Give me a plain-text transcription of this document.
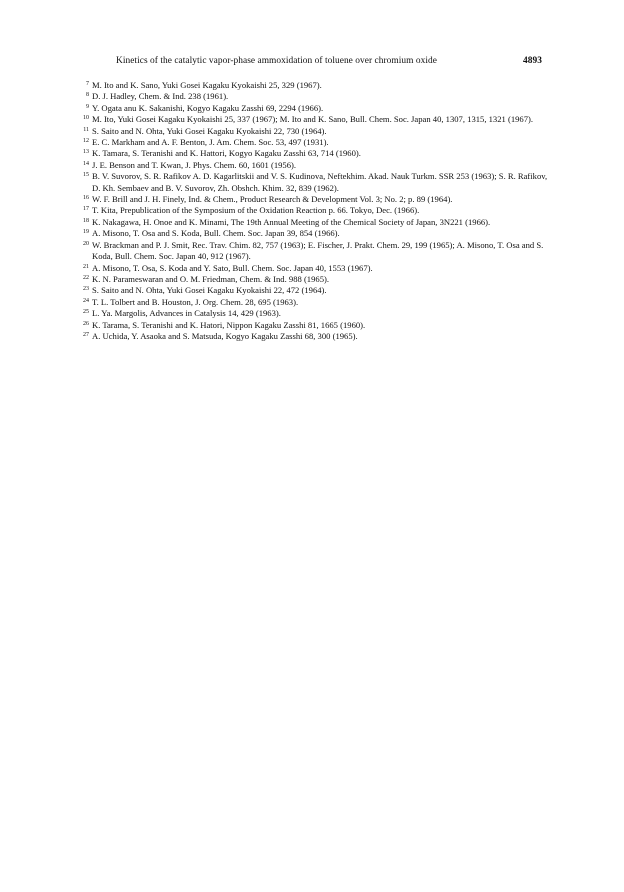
Kinetics of the catalytic vapor-phase ammoxidation of toluene over chromium oxide	4893
7 M. Ito and K. Sano, Yuki Gosei Kagaku Kyokaishi 25, 329 (1967).
8 D. J. Hadley, Chem. & Ind. 238 (1961).
9 Y. Ogata anu K. Sakanishi, Kogyo Kagaku Zasshi 69, 2294 (1966).
10 M. Ito, Yuki Gosei Kagaku Kyokaishi 25, 337 (1967); M. Ito and K. Sano, Bull. Chem. Soc. Japan 40, 1307, 1315, 1321 (1967).
11 S. Saito and N. Ohta, Yuki Gosei Kagaku Kyokaishi 22, 730 (1964).
12 E. C. Markham and A. F. Benton, J. Am. Chem. Soc. 53, 497 (1931).
13 K. Tamara, S. Teranishi and K. Hattori, Kogyo Kagaku Zasshi 63, 714 (1960).
14 J. E. Benson and T. Kwan, J. Phys. Chem. 60, 1601 (1956).
15 B. V. Suvorov, S. R. Rafikov A. D. Kagarlitskii and V. S. Kudinova, Neftekhim. Akad. Nauk Turkm. SSR 253 (1963); S. R. Rafikov, D. Kh. Sembaev and B. V. Suvorov, Zh. Obshch. Khim. 32, 839 (1962).
16 W. F. Brill and J. H. Finely, Ind. & Chem., Product Research & Development Vol. 3; No. 2; p. 89 (1964).
17 T. Kita, Prepublication of the Symposium of the Oxidation Reaction p. 66. Tokyo, Dec. (1966).
18 K. Nakagawa, H. Onoe and K. Minami, The 19th Annual Meeting of the Chemical Society of Japan, 3N221 (1966).
19 A. Misono, T. Osa and S. Koda, Bull. Chem. Soc. Japan 39, 854 (1966).
20 W. Brackman and P. J. Smit, Rec. Trav. Chim. 82, 757 (1963); E. Fischer, J. Prakt. Chem. 29, 199 (1965); A. Misono, T. Osa and S. Koda, Bull. Chem. Soc. Japan 40, 912 (1967).
21 A. Misono, T. Osa, S. Koda and Y. Sato, Bull. Chem. Soc. Japan 40, 1553 (1967).
22 K. N. Parameswaran and O. M. Friedman, Chem. & Ind. 988 (1965).
23 S. Saito and N. Ohta, Yuki Gosei Kagaku Kyokaishi 22, 472 (1964).
24 T. L. Tolbert and B. Houston, J. Org. Chem. 28, 695 (1963).
25 L. Ya. Margolis, Advances in Catalysis 14, 429 (1963).
26 K. Tarama, S. Teranishi and K. Hatori, Nippon Kagaku Zasshi 81, 1665 (1960).
27 A. Uchida, Y. Asaoka and S. Matsuda, Kogyo Kagaku Zasshi 68, 300 (1965).
